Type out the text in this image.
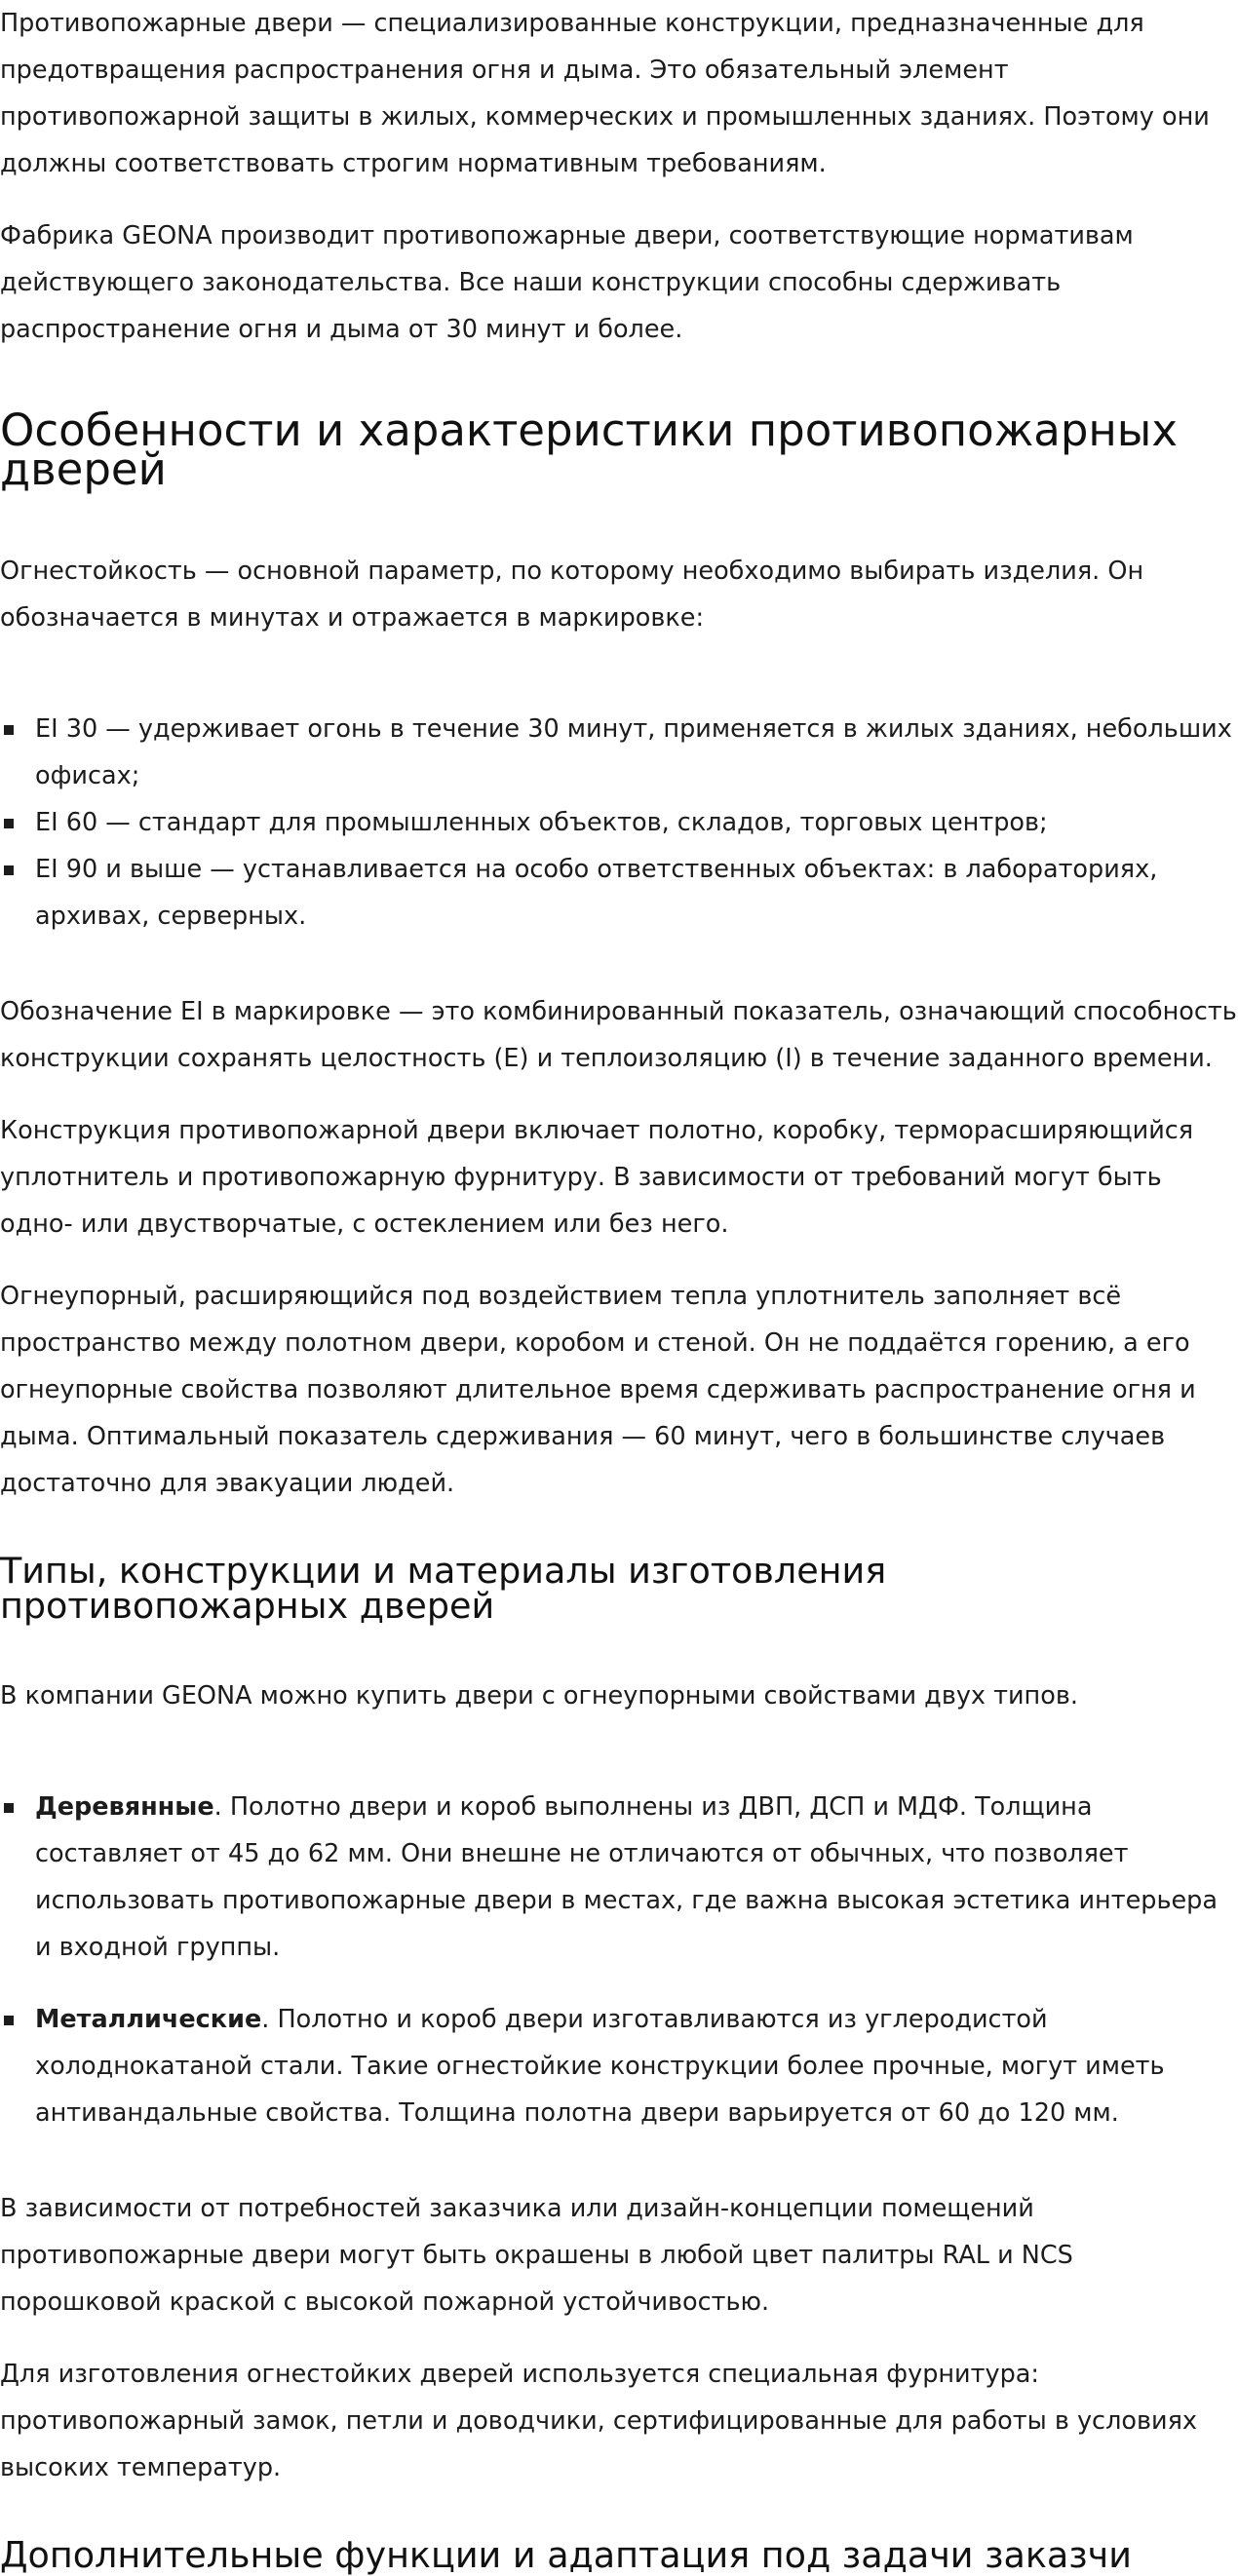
Противопожарные двери — специализированные конструкции, предназначенные для предотвращения распространения огня и дыма. Это обязательный элемент противопожарной защиты в жилых, коммерческих и промышленных зданиях. Поэтому они должны соответствовать строгим нормативным требованиям.

Фабрика GEONA производит противопожарные двери, соответствующие нормативам действующего законодательства. Все наши конструкции способны сдерживать распространение огня и дыма от 30 минут и более.

Особенности и характеристики противопожарных дверей

Огнестойкость — основной параметр, по которому необходимо выбирать изделия. Он обозначается в минутах и отражается в маркировке:

EI 30 — удерживает огонь в течение 30 минут, применяется в жилых зданиях, небольших офисах;
EI 60 — стандарт для промышленных объектов, складов, торговых центров;
EI 90 и выше — устанавливается на особо ответственных объектах: в лабораториях, архивах, серверных.

Обозначение EI в маркировке — это комбинированный показатель, означающий способность конструкции сохранять целостность (E) и теплоизоляцию (I) в течение заданного времени.

Конструкция противопожарной двери включает полотно, коробку, терморасширяющийся уплотнитель и противопожарную фурнитуру. В зависимости от требований могут быть одно- или двустворчатые, с остеклением или без него.

Огнеупорный, расширяющийся под воздействием тепла уплотнитель заполняет всё пространство между полотном двери, коробом и стеной. Он не поддаётся горению, а его огнеупорные свойства позволяют длительное время сдерживать распространение огня и дыма. Оптимальный показатель сдерживания — 60 минут, чего в большинстве случаев достаточно для эвакуации людей.

Типы, конструкции и материалы изготовления противопожарных дверей

В компании GEONA можно купить двери с огнеупорными свойствами двух типов.

Деревянные. Полотно двери и короб выполнены из ДВП, ДСП и МДФ. Толщина составляет от 45 до 62 мм. Они внешне не отличаются от обычных, что позволяет использовать противопожарные двери в местах, где важна высокая эстетика интерьера и входной группы.
Металлические. Полотно и короб двери изготавливаются из углеродистой холоднокатаной стали. Такие огнестойкие конструкции более прочные, могут иметь антивандальные свойства. Толщина полотна двери варьируется от 60 до 120 мм.

В зависимости от потребностей заказчика или дизайн-концепции помещений противопожарные двери могут быть окрашены в любой цвет палитры RAL и NCS порошковой краской с высокой пожарной устойчивостью.

Для изготовления огнестойких дверей используется специальная фурнитура: противопожарный замок, петли и доводчики, сертифицированные для работы в условиях высоких температур.

Дополнительные функции и адаптация под задачи заказчи
